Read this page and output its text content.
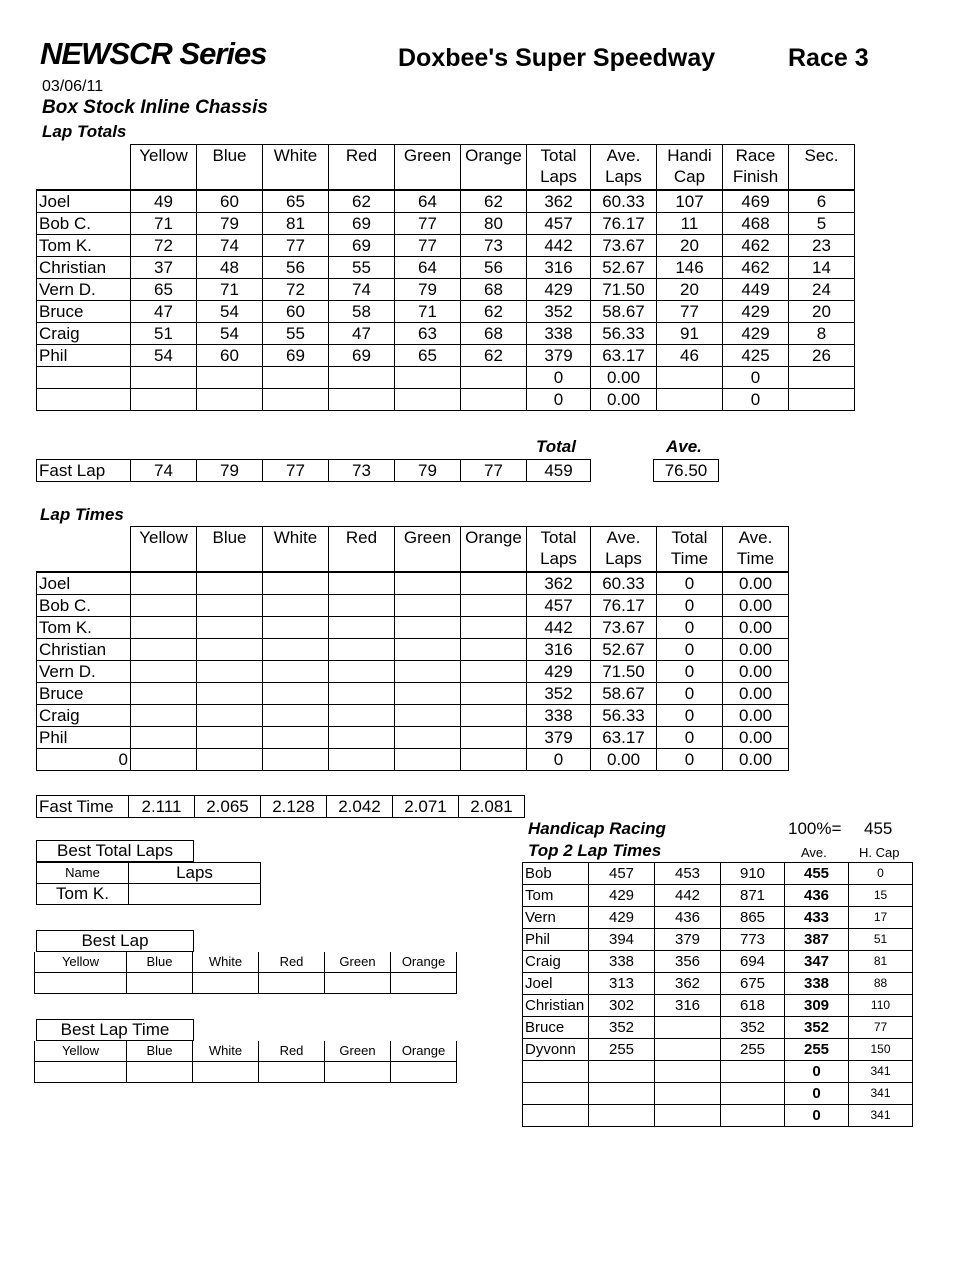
NEWSCR Series	Doxbee's Super Speedway	Race 3
03/06/11
Box Stock Inline Chassis
Lap Totals
	Yellow	Blue	White	Red	Green	Orange	Total Laps	Ave. Laps	Handi Cap	Race Finish	Sec.
Joel	49	60	65	62	64	62	362	60.33	107	469	6
Bob C.	71	79	81	69	77	80	457	76.17	11	468	5
Tom K.	72	74	77	69	77	73	442	73.67	20	462	23
Christian	37	48	56	55	64	56	316	52.67	146	462	14
Vern D.	65	71	72	74	79	68	429	71.50	20	449	24
Bruce	47	54	60	58	71	62	352	58.67	77	429	20
Craig	51	54	55	47	63	68	338	56.33	91	429	8
Phil	54	60	69	69	65	62	379	63.17	46	425	26
							0	0.00		0	
							0	0.00		0	
Total	Ave.
Fast Lap	74	79	77	73	79	77	459	76.50
Lap Times
	Yellow	Blue	White	Red	Green	Orange	Total Laps	Ave. Laps	Total Time	Ave. Time
Joel							362	60.33	0	0.00
Bob C.							457	76.17	0	0.00
Tom K.							442	73.67	0	0.00
Christian							316	52.67	0	0.00
Vern D.							429	71.50	0	0.00
Bruce							352	58.67	0	0.00
Craig							338	56.33	0	0.00
Phil							379	63.17	0	0.00
0							0	0.00	0	0.00
Fast Time	2.111	2.065	2.128	2.042	2.071	2.081
Best Total Laps
Name	Laps
Tom K.	
Best Lap
Yellow	Blue	White	Red	Green	Orange

Best Lap Time
Yellow	Blue	White	Red	Green	Orange

Handicap Racing
Top 2 Lap Times
100%= 455
Ave. H. Cap
Bob	457	453	910	455	0
Tom	429	442	871	436	15
Vern	429	436	865	433	17
Phil	394	379	773	387	51
Craig	338	356	694	347	81
Joel	313	362	675	338	88
Christian	302	316	618	309	110
Bruce	352		352	352	77
Dyvonn	255		255	255	150
				0	341
				0	341
				0	341
